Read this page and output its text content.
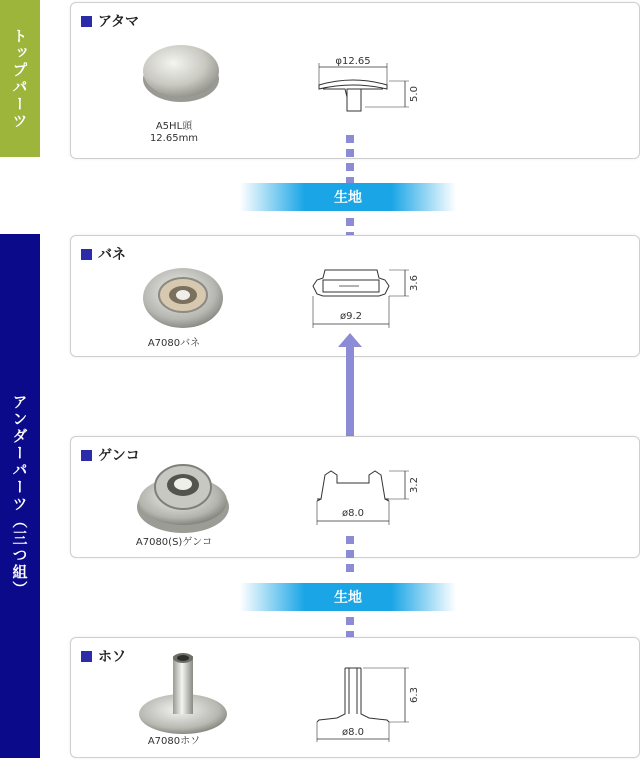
トップパーツ
アンダーパーツ（三つ組）
アタマ
A5HL頭
12.65mm
φ12.65
5.0
生地
バネ
A7080バネ
3.6
ø9.2
ゲンコ
A7080(S)ゲンコ
3.2
ø8.0
生地
ホソ
A7080ホソ
6.3
ø8.0
